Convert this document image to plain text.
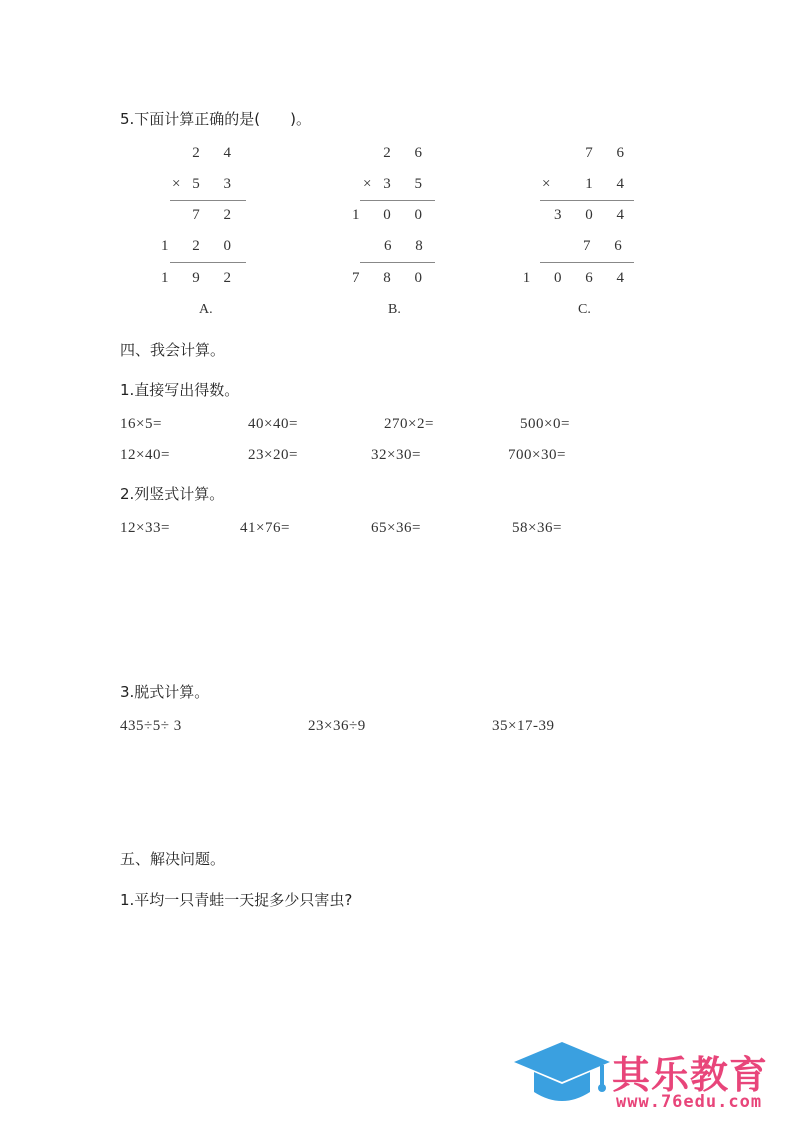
5.下面计算正确的是(　　)。
2 4
× 5 3
7 2
1 2 0
1 9 2
A.
2 6
× 3 5
1 0 0
6 8
7 8 0
B.
7 6
× 1 4
3 0 4
7 6
1 0 6 4
C.
四、我会计算。
1.直接写出得数。
16×5=	40×40=	270×2=	500×0=
12×40=	23×20=	32×30=	700×30=
2.列竖式计算。
12×33=	41×76=	65×36=	58×36=
3.脱式计算。
435÷5÷ 3	23×36÷9	35×17-39
五、解决问题。
1.平均一只青蛙一天捉多少只害虫?
其乐教育
www.76edu.com
